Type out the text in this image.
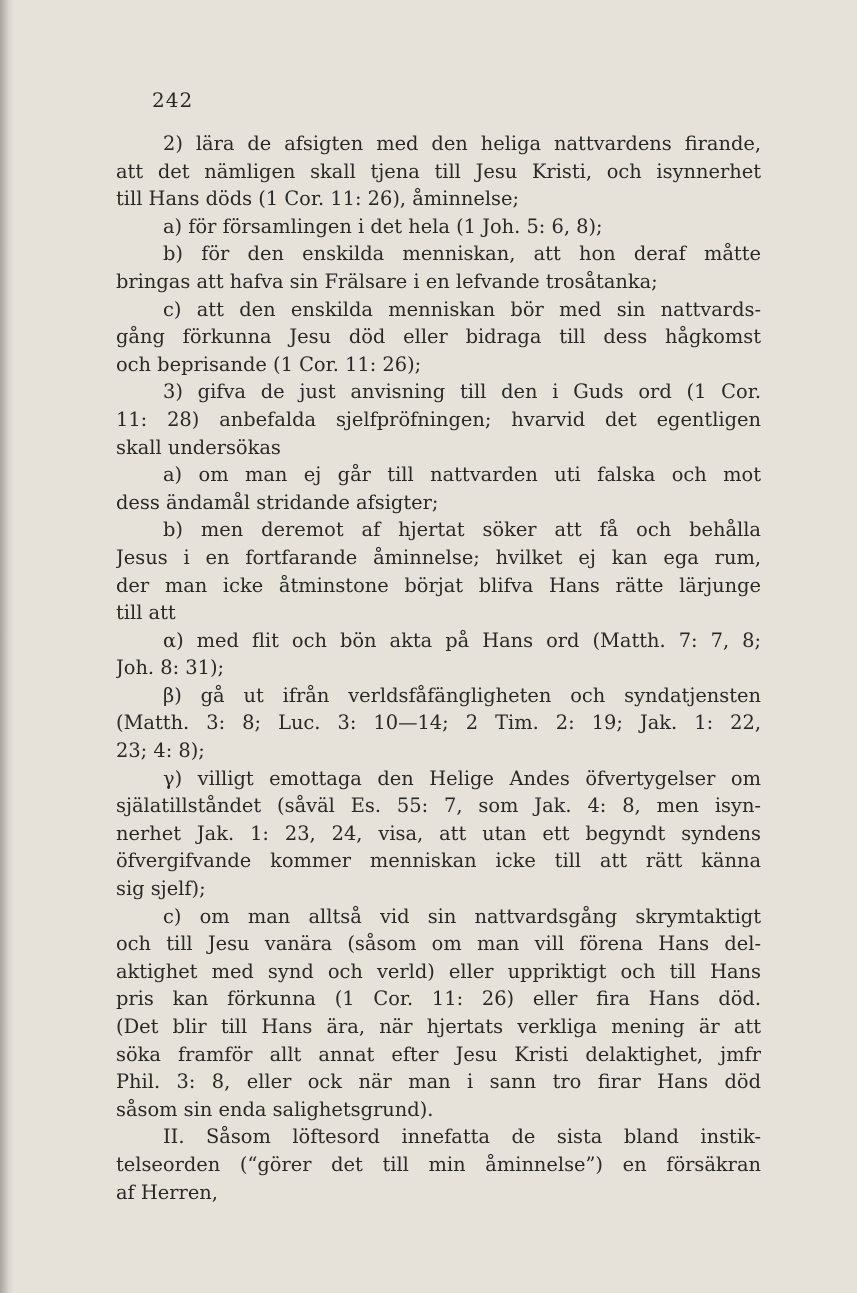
242
2) lära de afsigten med den heliga nattvardens firande,
att det nämligen skall tjena till Jesu Kristi, och isynnerhet
till Hans döds (1 Cor. 11: 26), åminnelse;
a) för församlingen i det hela (1 Joh. 5: 6, 8);
b) för den enskilda menniskan, att hon deraf måtte
bringas att hafva sin Frälsare i en lefvande trosåtanka;
c) att den enskilda menniskan bör med sin nattvards-
gång förkunna Jesu död eller bidraga till dess hågkomst
och beprisande (1 Cor. 11: 26);
3) gifva de just anvisning till den i Guds ord (1 Cor.
11: 28) anbefalda sjelfpröfningen; hvarvid det egentligen
skall undersökas
a) om man ej går till nattvarden uti falska och mot
dess ändamål stridande afsigter;
b) men deremot af hjertat söker att få och behålla
Jesus i en fortfarande åminnelse; hvilket ej kan ega rum,
der man icke åtminstone börjat blifva Hans rätte lärjunge
till att
α) med flit och bön akta på Hans ord (Matth. 7: 7, 8;
Joh. 8: 31);
β) gå ut ifrån verldsfåfängligheten och syndatjensten
(Matth. 3: 8; Luc. 3: 10—14; 2 Tim. 2: 19; Jak. 1: 22,
23; 4: 8);
γ) villigt emottaga den Helige Andes öfvertygelser om
själatillståndet (såväl Es. 55: 7, som Jak. 4: 8, men isyn-
nerhet Jak. 1: 23, 24, visa, att utan ett begyndt syndens
öfvergifvande kommer menniskan icke till att rätt känna
sig sjelf);
c) om man alltså vid sin nattvardsgång skrymtaktigt
och till Jesu vanära (såsom om man vill förena Hans del-
aktighet med synd och verld) eller uppriktigt och till Hans
pris kan förkunna (1 Cor. 11: 26) eller fira Hans död.
(Det blir till Hans ära, när hjertats verkliga mening är att
söka framför allt annat efter Jesu Kristi delaktighet, jmfr
Phil. 3: 8, eller ock när man i sann tro firar Hans död
såsom sin enda salighetsgrund).
II. Såsom löftesord innefatta de sista bland instik-
telseorden (“görer det till min åminnelse”) en försäkran
af Herren,
